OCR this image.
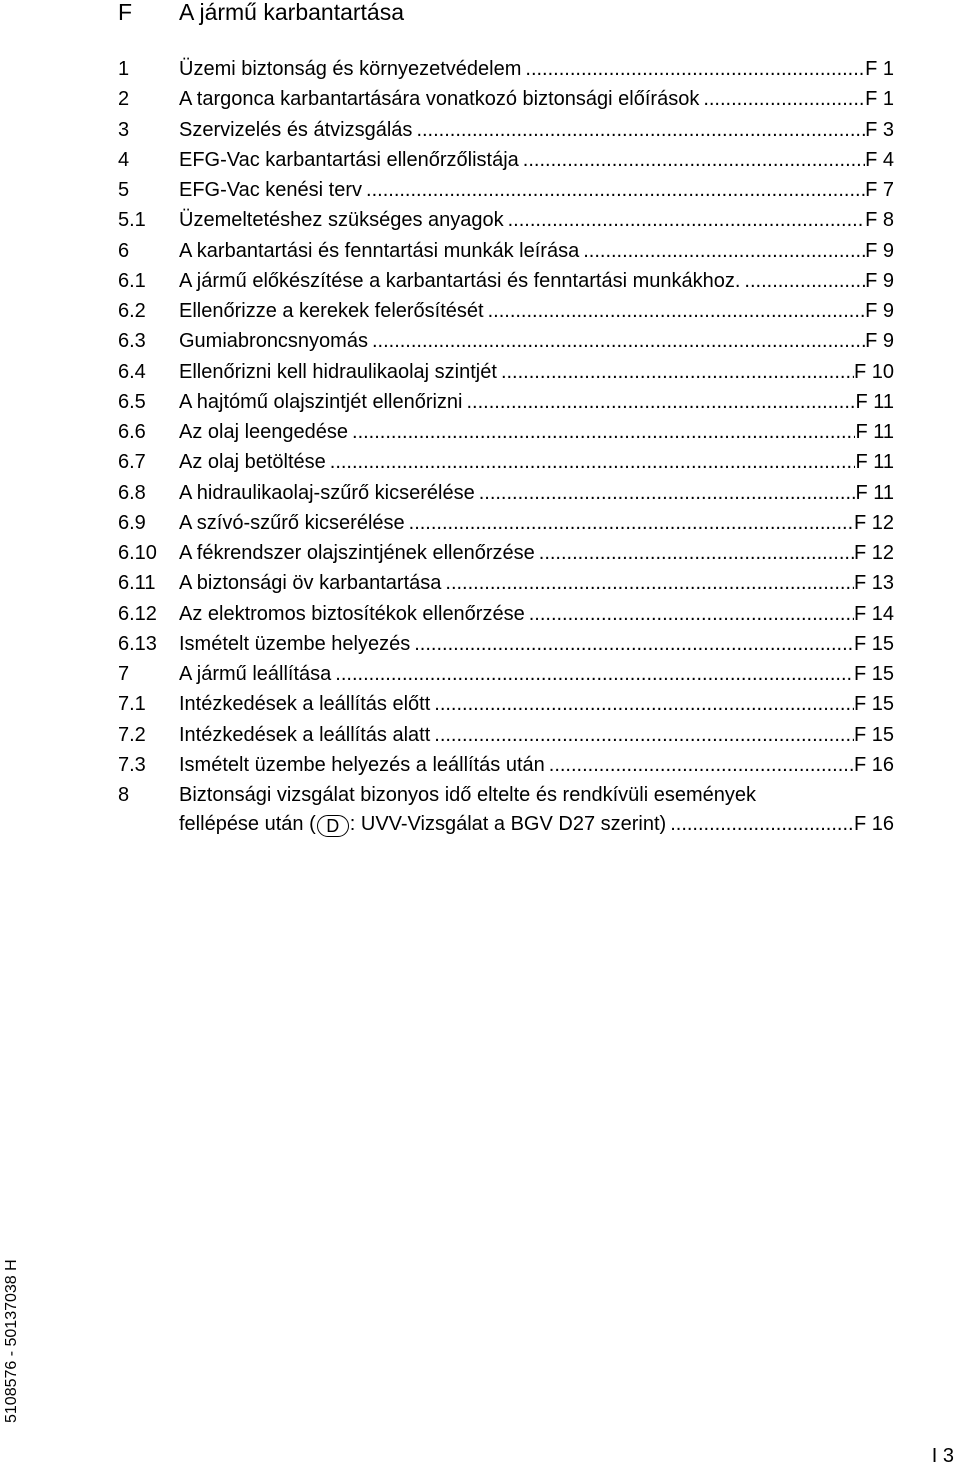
F A jármű karbantartása
1 Üzemi biztonság és környezetvédelem .....	F 1
2 A targonca karbantartására vonatkozó biztonsági előírások .....	F 1
3 Szervizelés és átvizsgálás .....	F 3
4 EFG-Vac karbantartási ellenőrzőlistája .....	F 4
5 EFG-Vac kenési terv .....	F 7
5.1 Üzemeltetéshez szükséges anyagok .....	F 8
6 A karbantartási és fenntartási munkák leírása .....	F 9
6.1 A jármű előkészítése a karbantartási és fenntartási munkákhoz. .....	F 9
6.2 Ellenőrizze a kerekek felerősítését .....	F 9
6.3 Gumiabroncsnyomás .....	F 9
6.4 Ellenőrizni kell hidraulikaolaj szintjét .....	F 10
6.5 A hajtómű olajszintjét ellenőrizni .....	F 11
6.6 Az olaj leengedése .....	F 11
6.7 Az olaj betöltése .....	F 11
6.8 A hidraulikaolaj-szűrő kicserélése .....	F 11
6.9 A szívó-szűrő kicserélése .....	F 12
6.10 A fékrendszer olajszintjének ellenőrzése .....	F 12
6.11 A biztonsági öv karbantartása .....	F 13
6.12 Az elektromos biztosítékok ellenőrzése .....	F 14
6.13 Ismételt üzembe helyezés .....	F 15
7 A jármű leállítása .....	F 15
7.1 Intézkedések a leállítás előtt .....	F 15
7.2 Intézkedések a leállítás alatt .....	F 15
7.3 Ismételt üzembe helyezés a leállítás után .....	F 16
8 Biztonsági vizsgálat bizonyos idő eltelte és rendkívüli események
fellépése után ( D : UVV-Vizsgálat a BGV D27 szerint) .....	F 16
5108576 - 50137038 H
I 3
